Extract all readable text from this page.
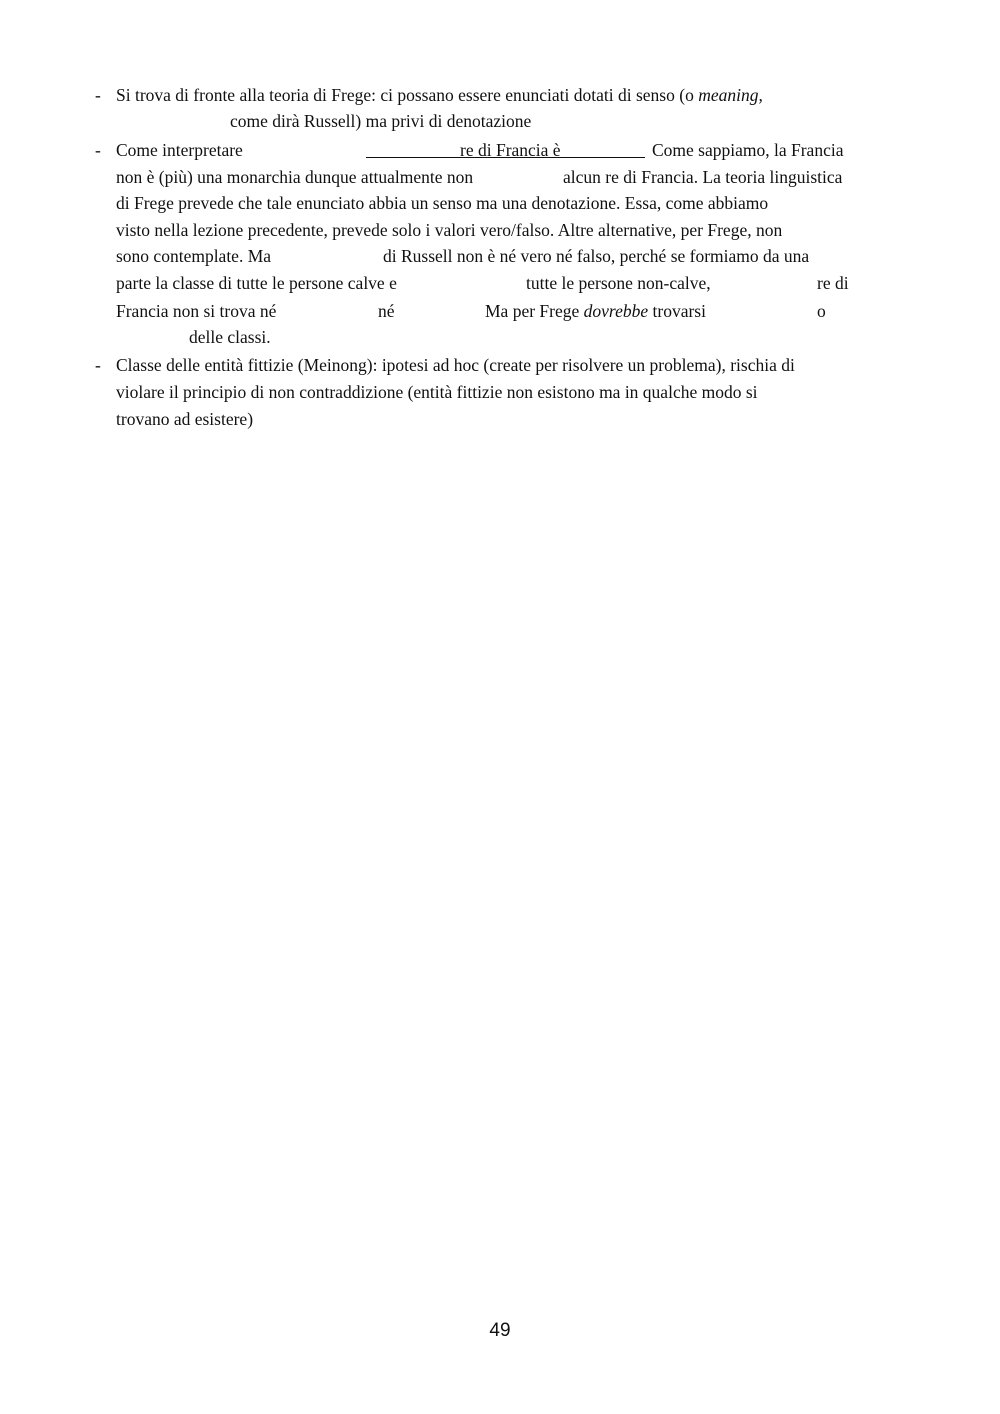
- Si trova di fronte alla teoria di Frege: ci possano essere enunciati dotati di senso (o meaning,
come dirà Russell) ma privi di denotazione
- Come interpretare	re di Francia è	Come sappiamo, la Francia
non è (più) una monarchia dunque attualmente non	alcun re di Francia. La teoria linguistica
di Frege prevede che tale enunciato abbia un senso ma una denotazione. Essa, come abbiamo
visto nella lezione precedente, prevede solo i valori vero/falso. Altre alternative, per Frege, non
sono contemplate. Ma	di Russell non è né vero né falso, perché se formiamo da una
parte la classe di tutte le persone calve e	tutte le persone non-calve,	re di
Francia non si trova né	né	Ma per Frege dovrebbe trovarsi	o
delle classi.
- Classe delle entità fittizie (Meinong): ipotesi ad hoc (create per risolvere un problema), rischia di
violare il principio di non contraddizione (entità fittizie non esistono ma in qualche modo si
trovano ad esistere)
49
